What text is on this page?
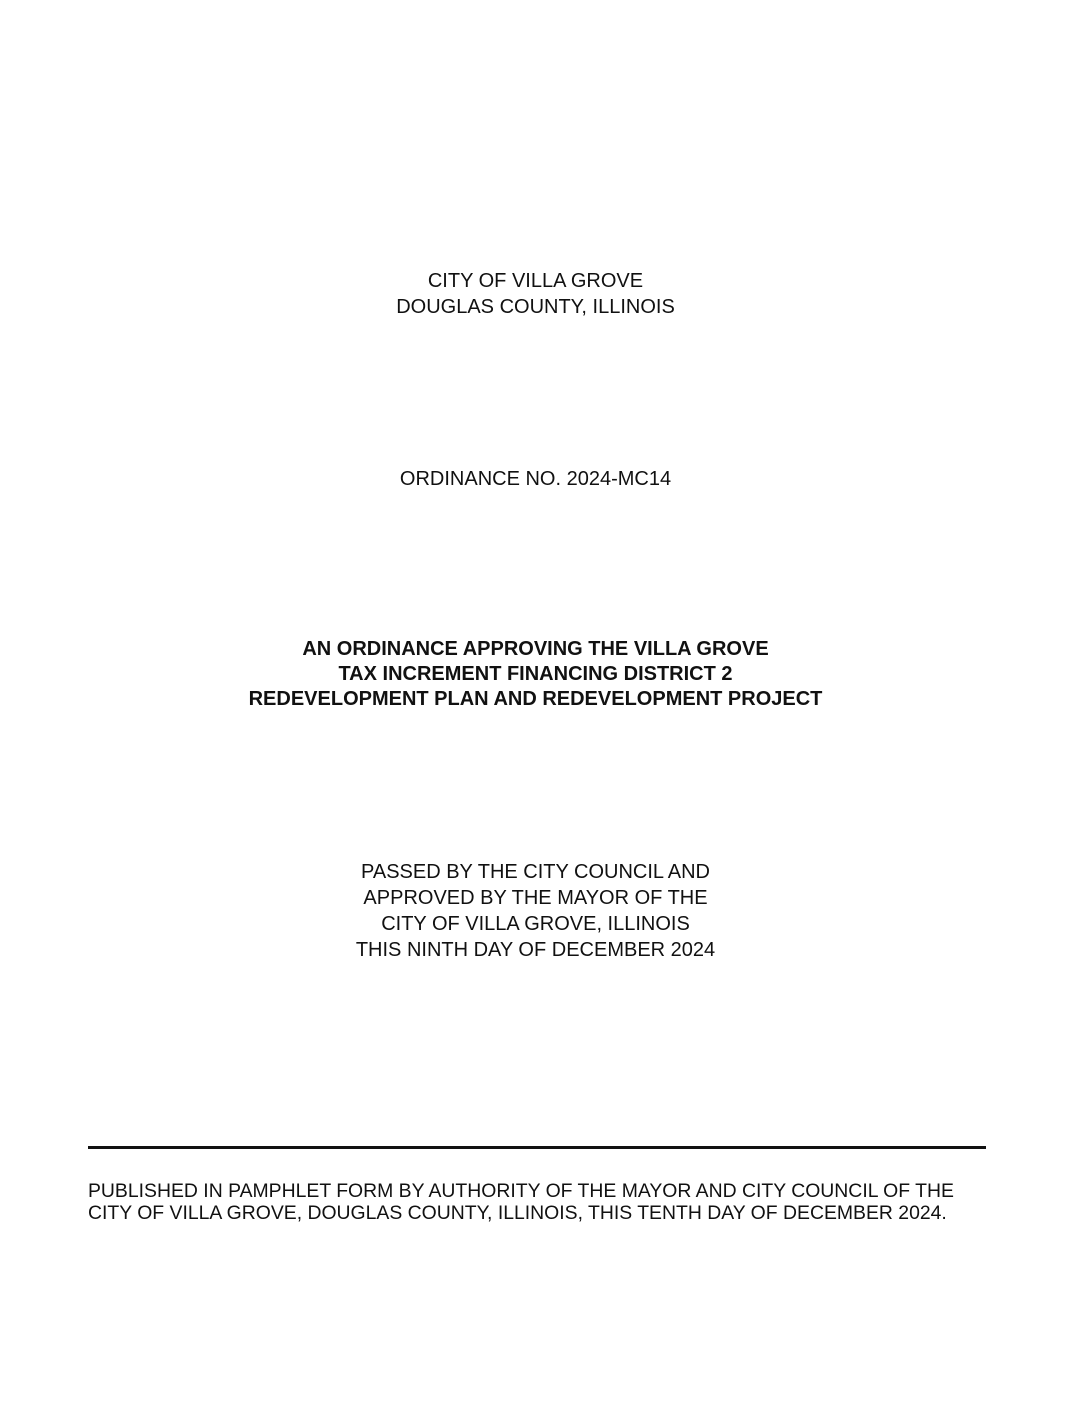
CITY OF VILLA GROVE
DOUGLAS COUNTY, ILLINOIS
ORDINANCE NO. 2024-MC14
AN ORDINANCE APPROVING THE VILLA GROVE
TAX INCREMENT FINANCING DISTRICT 2
REDEVELOPMENT PLAN AND REDEVELOPMENT PROJECT
PASSED BY THE CITY COUNCIL AND
APPROVED BY THE MAYOR OF THE
CITY OF VILLA GROVE, ILLINOIS
THIS NINTH DAY OF DECEMBER 2024
PUBLISHED IN PAMPHLET FORM BY AUTHORITY OF THE MAYOR AND CITY COUNCIL OF THE
CITY OF VILLA GROVE, DOUGLAS COUNTY, ILLINOIS, THIS TENTH DAY OF DECEMBER 2024.
